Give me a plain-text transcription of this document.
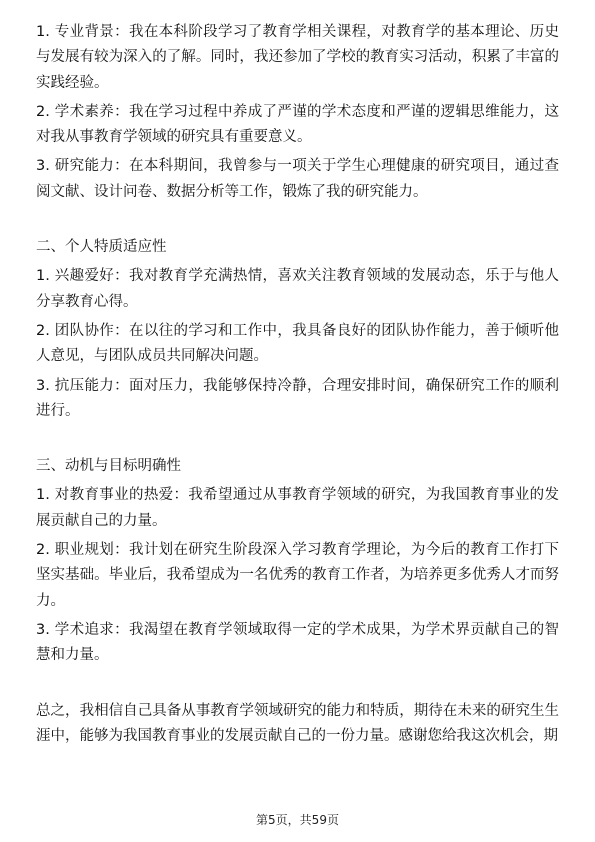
1. 专业背景：我在本科阶段学习了教育学相关课程，对教育学的基本理论、历史与发展有较为深入的了解。同时，我还参加了学校的教育实习活动，积累了丰富的实践经验。

2. 学术素养：我在学习过程中养成了严谨的学术态度和严谨的逻辑思维能力，这对我从事教育学领域的研究具有重要意义。

3. 研究能力：在本科期间，我曾参与一项关于学生心理健康的研究项目，通过查阅文献、设计问卷、数据分析等工作，锻炼了我的研究能力。

二、个人特质适应性

1. 兴趣爱好：我对教育学充满热情，喜欢关注教育领域的发展动态，乐于与他人分享教育心得。

2. 团队协作：在以往的学习和工作中，我具备良好的团队协作能力，善于倾听他人意见，与团队成员共同解决问题。

3. 抗压能力：面对压力，我能够保持冷静，合理安排时间，确保研究工作的顺利进行。

三、动机与目标明确性

1. 对教育事业的热爱：我希望通过从事教育学领域的研究，为我国教育事业的发展贡献自己的力量。

2. 职业规划：我计划在研究生阶段深入学习教育学理论，为今后的教育工作打下坚实基础。毕业后，我希望成为一名优秀的教育工作者，为培养更多优秀人才而努力。

3. 学术追求：我渴望在教育学领域取得一定的学术成果，为学术界贡献自己的智慧和力量。

总之，我相信自己具备从事教育学领域研究的能力和特质，期待在未来的研究生生涯中，能够为我国教育事业的发展贡献自己的一份力量。感谢您给我这次机会，期

第5页，共59页
